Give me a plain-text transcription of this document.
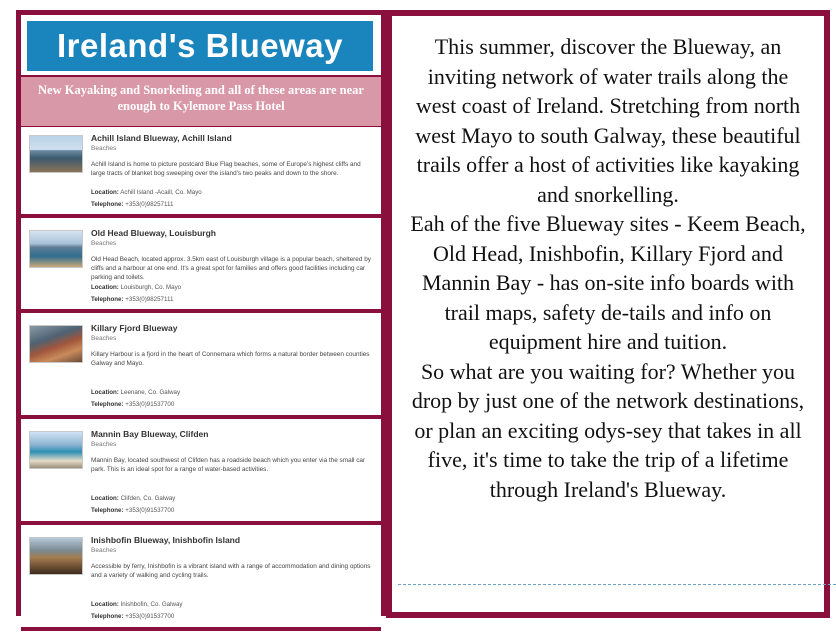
Ireland's Blueway
New Kayaking and Snorkeling and all of these areas are near enough to Kylemore Pass Hotel
Achill Island Blueway, Achill Island
Beaches
Achill Island is home to picture postcard Blue Flag beaches, some of Europe's highest cliffs and large tracts of blanket bog sweeping over the island's two peaks and down to the shore.
Location: Achill Island -Acaill, Co. Mayo
Telephone: +353(0)98257111
Old Head Blueway, Louisburgh
Beaches
Old Head Beach, located approx. 3.5km east of Louisburgh village is a popular beach, sheltered by cliffs and a harbour at one end. It's a great spot for families and offers good facilities including car parking and toilets.
Location: Louisburgh, Co. Mayo
Telephone: +353(0)98257111
Killary Fjord Blueway
Beaches
Killary Harbour is a fjord in the heart of Connemara which forms a natural border between counties Galway and Mayo.
Location: Leenane, Co. Galway
Telephone: +353(0)91537700
Mannin Bay Blueway, Clifden
Beaches
Mannin Bay, located southwest of Clifden has a roadside beach which you enter via the small car park. This is an ideal spot for a range of water-based activities.
Location: Clifden, Co. Galway
Telephone: +353(0)91537700
Inishbofin Blueway, Inishbofin Island
Beaches
Accessible by ferry, Inishbofin is a vibrant island with a range of accommodation and dining options and a variety of walking and cycling trails.
Location: Inishbofin, Co. Galway
Telephone: +353(0)91537700

This summer, discover the Blueway, an inviting network of water trails along the west coast of Ireland. Stretching from north west Mayo to south Galway, these beautiful trails offer a host of activities like kayaking and snorkelling.

Eah of the five Blueway sites - Keem Beach, Old Head, Inishbofin, Killary Fjord and Mannin Bay - has on-site info boards with trail maps, safety de-tails and info on equipment hire and tuition.

So what are you waiting for? Whether you drop by just one of the network destinations, or plan an exciting odys-sey that takes in all five, it's time to take the trip of a lifetime through Ireland's Blueway.
